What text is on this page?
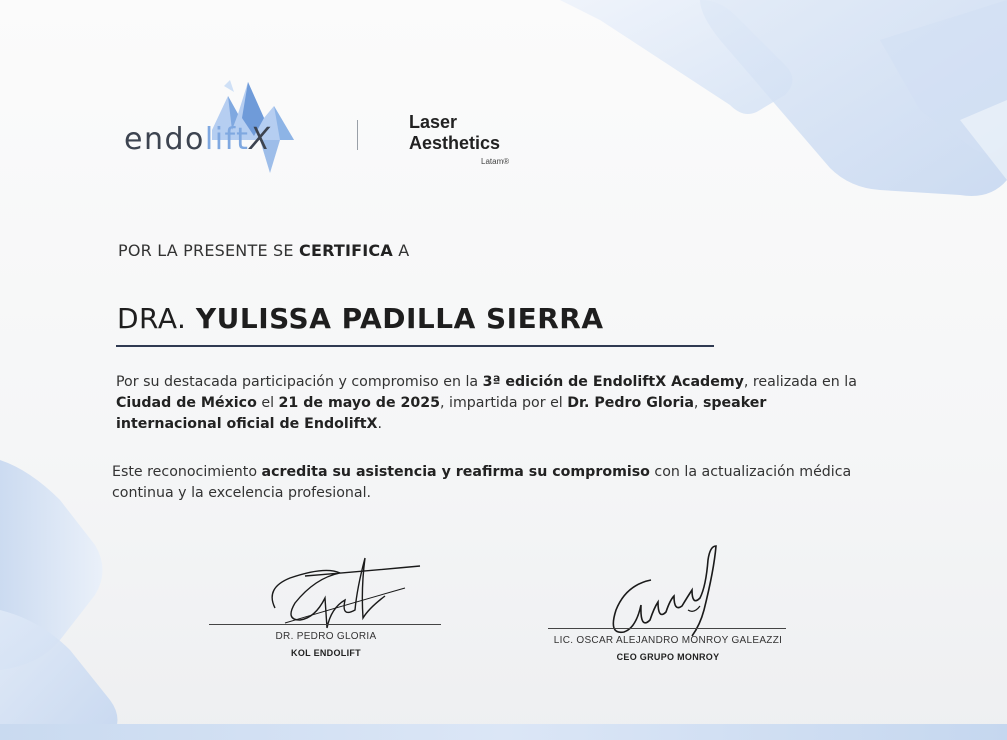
endoliftX	Laser
Aesthetics
Latam®
POR LA PRESENTE SE CERTIFICA A
DRA. YULISSA PADILLA SIERRA
Por su destacada participación y compromiso en la 3ª edición de EndoliftX Academy, realizada en la Ciudad de México el 21 de mayo de 2025, impartida por el Dr. Pedro Gloria, speaker internacional oficial de EndoliftX.
Este reconocimiento acredita su asistencia y reafirma su compromiso con la actualización médica continua y la excelencia profesional.
DR. PEDRO GLORIA
KOL ENDOLIFT
LIC. OSCAR ALEJANDRO MONROY GALEAZZI
CEO GRUPO MONROY
